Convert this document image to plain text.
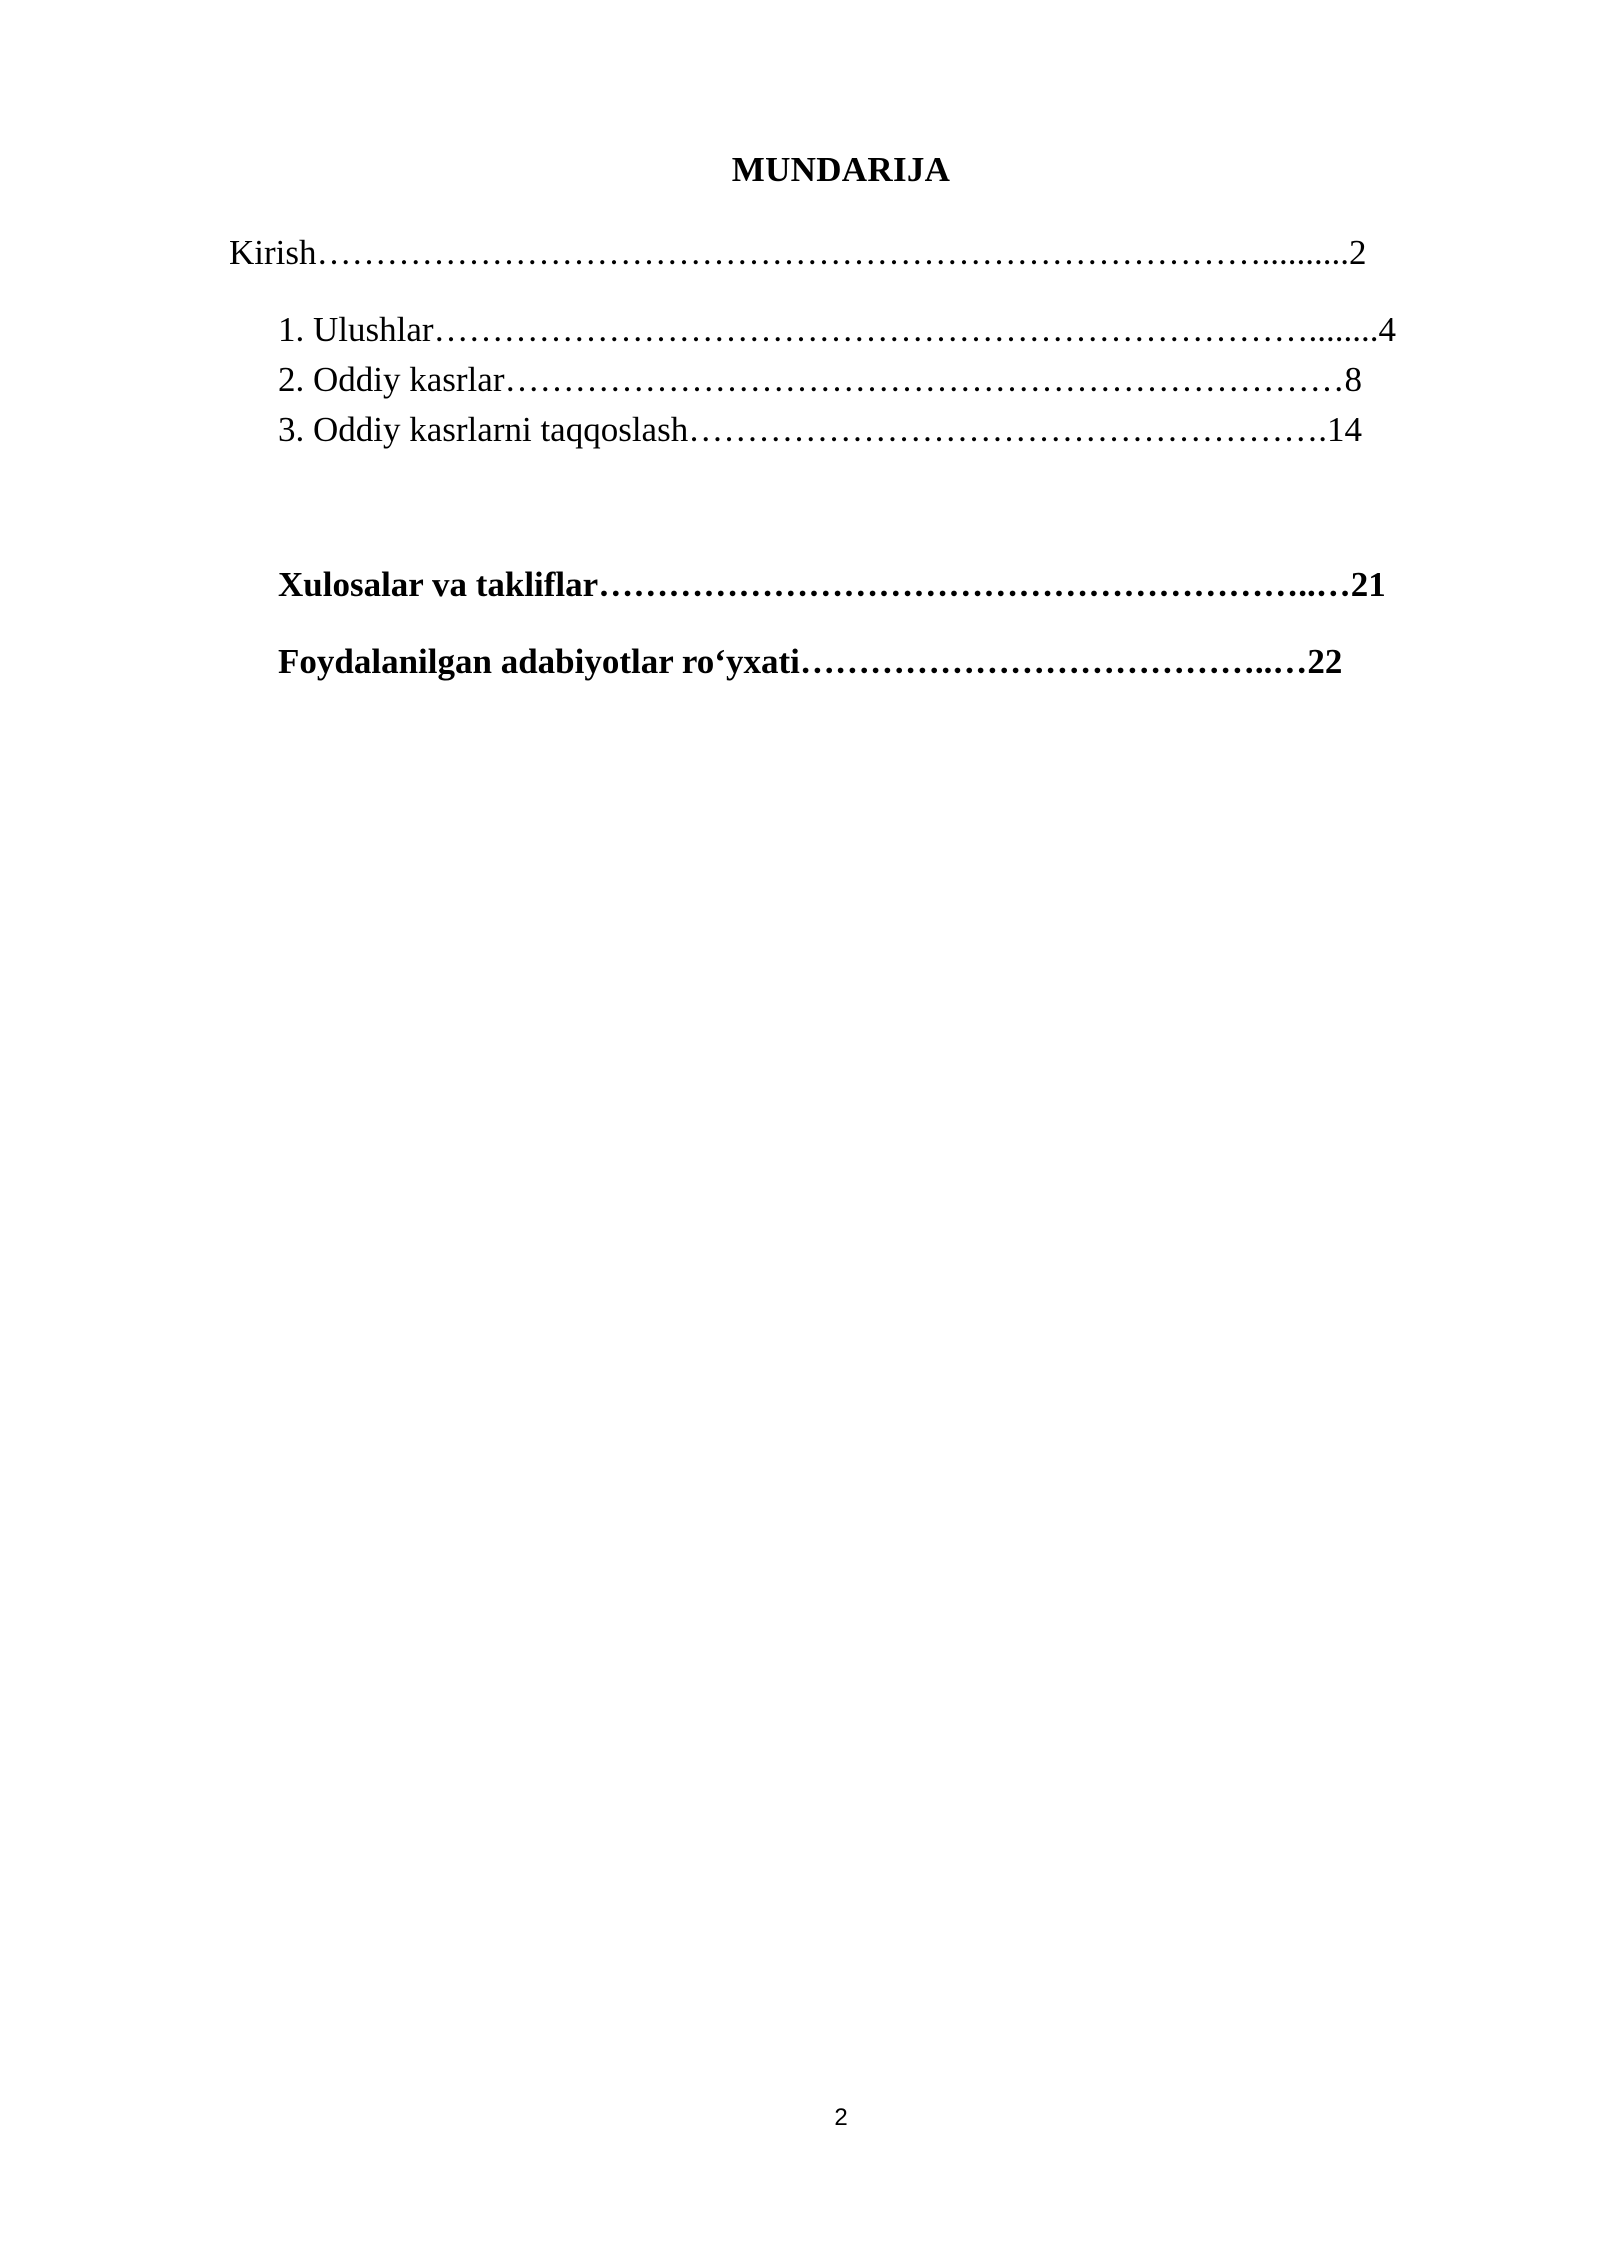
MUNDARIJA
Kirish………………………………………………………………………..........2
1. Ulushlar…………………………………………………………………........4
2. Oddiy kasrlar………………………………………………………………8
3. Oddiy kasrlarni taqqoslash……………………………………………….14
Xulosalar va takliflar……………………………………………………..…21
Foydalanilgan adabiyotlar ro‘yxati…………………………………..…22
2
